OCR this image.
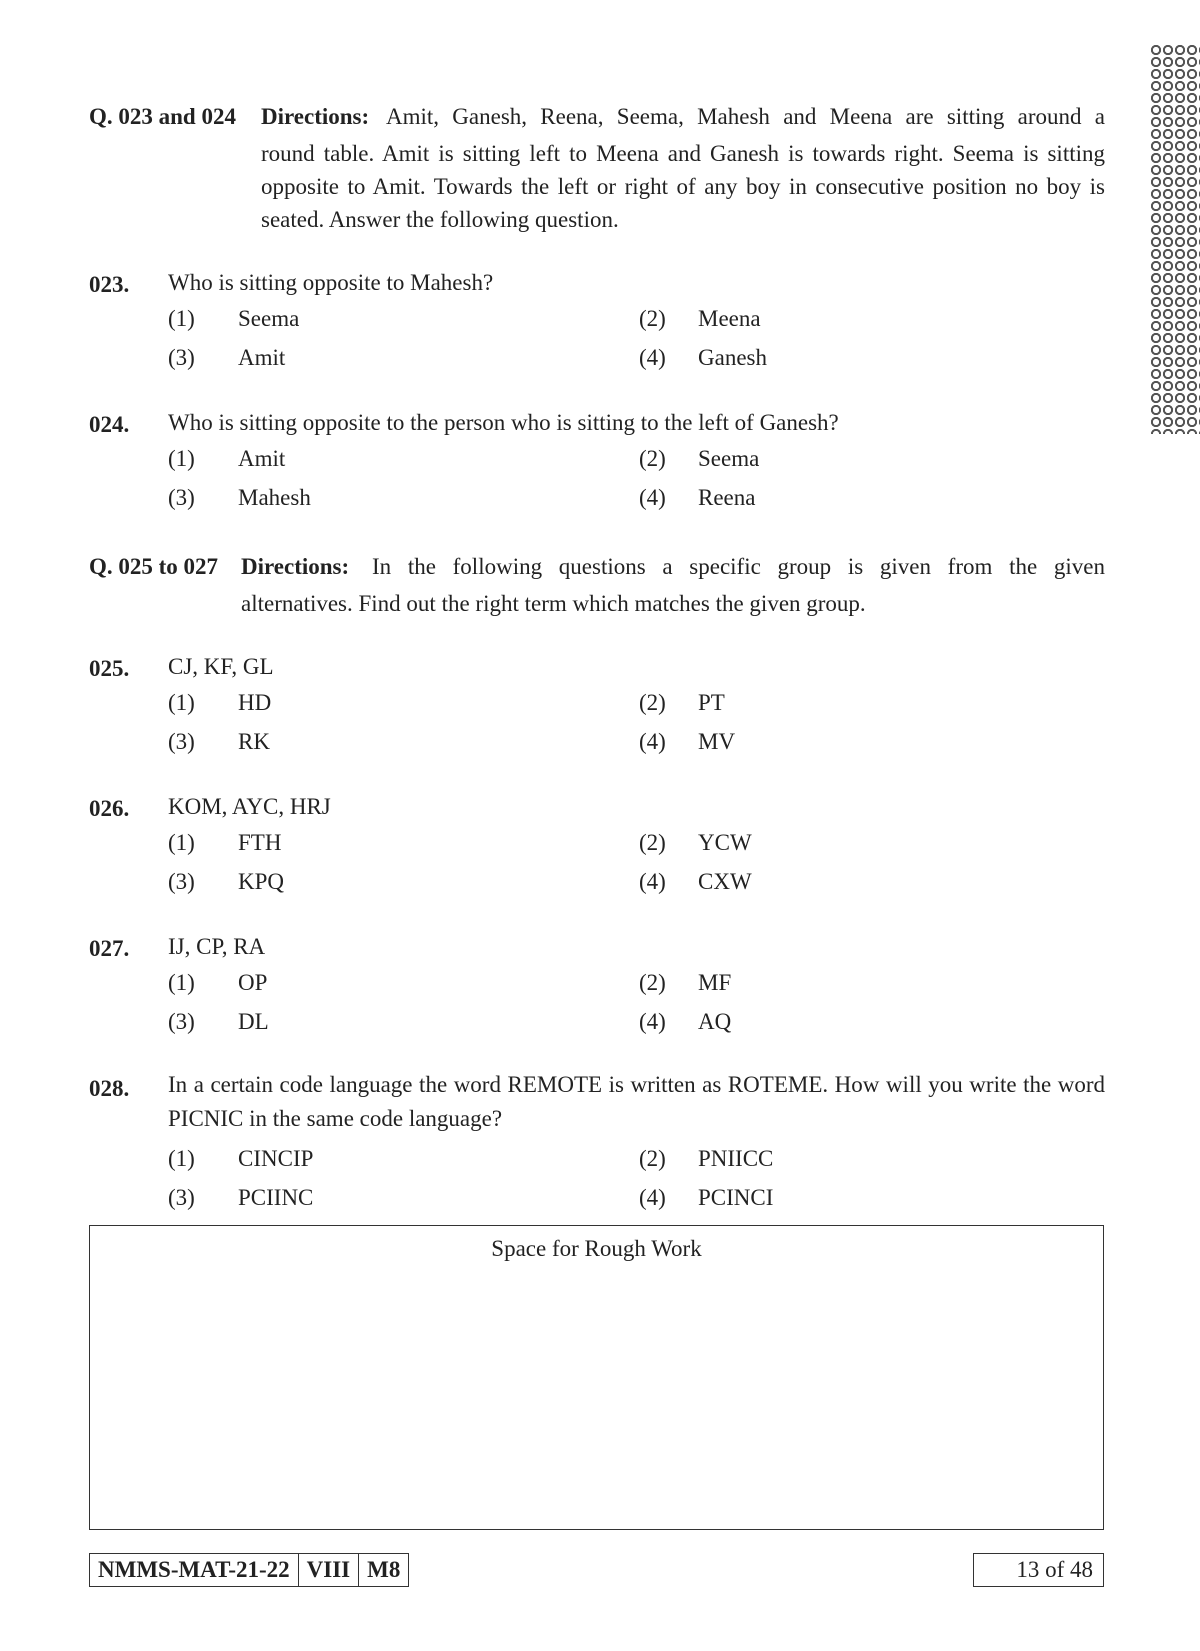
Q. 023 and 024 Directions: Amit, Ganesh, Reena, Seema, Mahesh and Meena are sitting around a
round table. Amit is sitting left to Meena and Ganesh is towards right. Seema is sitting opposite to Amit. Towards the left or right of any boy in consecutive position no boy is seated. Answer the following question.
023. Who is sitting opposite to Mahesh?
(1) Seema	(2) Meena
(3) Amit	(4) Ganesh
024. Who is sitting opposite to the person who is sitting to the left of Ganesh?
(1) Amit	(2) Seema
(3) Mahesh	(4) Reena
Q. 025 to 027 Directions: In the following questions a specific group is given from the given
alternatives. Find out the right term which matches the given group.
025. CJ, KF, GL
(1) HD	(2) PT
(3) RK	(4) MV
026. KOM, AYC, HRJ
(1) FTH	(2) YCW
(3) KPQ	(4) CXW
027. IJ, CP, RA
(1) OP	(2) MF
(3) DL	(4) AQ
028. In a certain code language the word REMOTE is written as ROTEME. How will you write the word PICNIC in the same code language?
(1) CINCIP	(2) PNIICC
(3) PCIINC	(4) PCINCI
Space for Rough Work
NMMS-MAT-21-22 VIII M8	13 of 48
